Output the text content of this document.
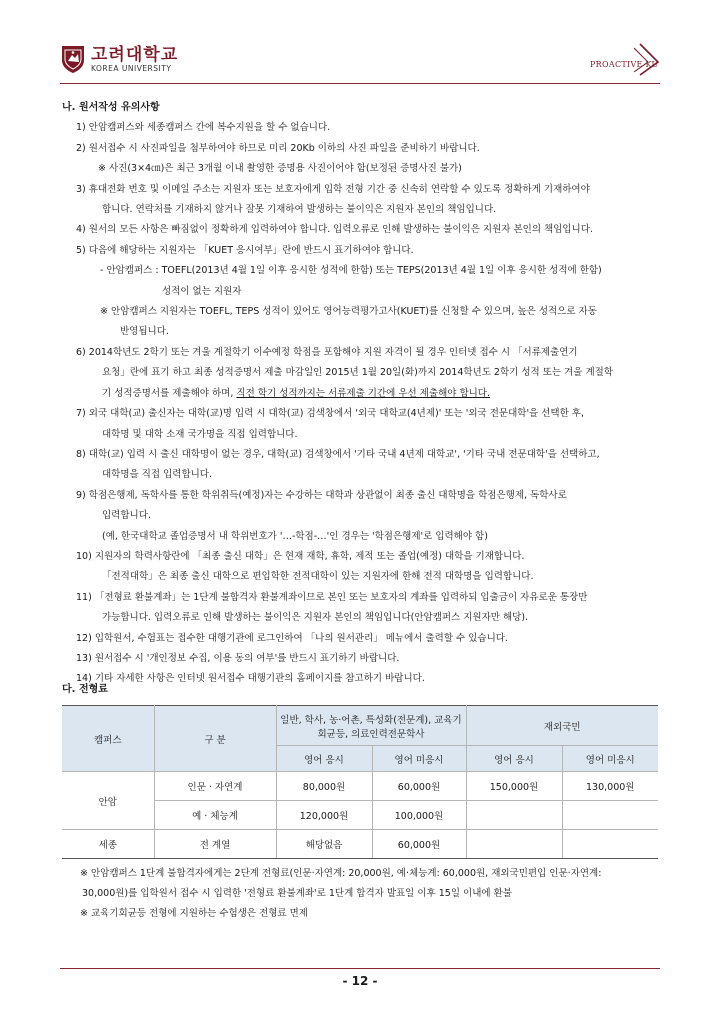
고려대학교
KOREA UNIVERSITY	PROACTIVE KU
나. 원서작성 유의사항
1) 안암캠퍼스와 세종캠퍼스 간에 복수지원을 할 수 없습니다.
2) 원서접수 시 사진파일을 첨부하여야 하므로 미리 20Kb 이하의 사진 파일을 준비하기 바랍니다.
※ 사진(3×4㎝)은 최근 3개월 이내 촬영한 증명용 사진이어야 함(보정된 증명사진 불가)
3) 휴대전화 번호 및 이메일 주소는 지원자 또는 보호자에게 입학 전형 기간 중 신속히 연락할 수 있도록 정확하게 기재하여야
합니다. 연락처를 기재하지 않거나 잘못 기재하여 발생하는 불이익은 지원자 본인의 책임입니다.
4) 원서의 모든 사항은 빠짐없이 정확하게 입력하여야 합니다. 입력오류로 인해 발생하는 불이익은 지원자 본인의 책임입니다.
5) 다음에 해당하는 지원자는 「KUET 응시여부」란에 반드시 표기하여야 합니다.
- 안암캠퍼스 : TOEFL(2013년 4월 1일 이후 응시한 성적에 한함) 또는 TEPS(2013년 4월 1일 이후 응시한 성적에 한함)
성적이 없는 지원자
※ 안암캠퍼스 지원자는 TOEFL, TEPS 성적이 있어도 영어능력평가고사(KUET)를 신청할 수 있으며, 높은 성적으로 자동
반영됩니다.
6) 2014학년도 2학기 또는 겨울 계절학기 이수예정 학점을 포함해야 지원 자격이 될 경우 인터넷 접수 시 「서류제출연기
요청」란에 표기 하고 최종 성적증명서 제출 마감일인 2015년 1월 20일(화)까지 2014학년도 2학기 성적 또는 겨울 계절학
기 성적증명서를 제출해야 하며, 직전 학기 성적까지는 서류제출 기간에 우선 제출해야 합니다.
7) 외국 대학(교) 출신자는 대학(교)명 입력 시 대학(교) 검색창에서 '외국 대학교(4년제)' 또는 '외국 전문대학'을 선택한 후,
대학명 및 대학 소재 국가명을 직접 입력합니다.
8) 대학(교) 입력 시 출신 대학명이 없는 경우, 대학(교) 검색창에서 '기타 국내 4년제 대학교', '기타 국내 전문대학'을 선택하고,
대학명을 직접 입력합니다.
9) 학점은행제, 독학사를 통한 학위취득(예정)자는 수강하는 대학과 상관없이 최종 출신 대학명을 학점은행제, 독학사로
입력합니다.
(예, 한국대학교 졸업증명서 내 학위번호가 '…-학점-…'인 경우는 '학점은행제'로 입력해야 함)
10) 지원자의 학력사항란에 「최종 출신 대학」은 현재 재학, 휴학, 제적 또는 졸업(예정) 대학을 기재합니다.
「전적대학」은 최종 출신 대학으로 편입학한 전적대학이 있는 지원자에 한해 전적 대학명을 입력합니다.
11) 「전형료 환불계좌」는 1단계 불합격자 환불계좌이므로 본인 또는 보호자의 계좌를 입력하되 입출금이 자유로운 통장만
가능합니다. 입력오류로 인해 발생하는 불이익은 지원자 본인의 책임입니다(안암캠퍼스 지원자만 해당).
12) 입학원서, 수험표는 접수한 대행기관에 로그인하여 「나의 원서관리」 메뉴에서 출력할 수 있습니다.
13) 원서접수 시 '개인정보 수집, 이용 동의 여부'를 반드시 표기하기 바랍니다.
14) 기타 자세한 사항은 인터넷 원서접수 대행기관의 홈페이지를 참고하기 바랍니다.
다. 전형료
캠퍼스	구 분	일반, 학사, 농·어촌, 특성화(전문계), 교육기회균등, 의료인력전문학사		재외국민	
		영어 응시	영어 미응시	영어 응시	영어 미응시
안암	인문 · 자연계	80,000원	60,000원	150,000원	130,000원
	예 · 체능계	120,000원	100,000원		
세종	전 계열	해당없음	60,000원		
※ 안암캠퍼스 1단계 불합격자에게는 2단계 전형료(인문·자연계: 20,000원, 예·체능계: 60,000원, 재외국민편입 인문·자연계:
30,000원)를 입학원서 접수 시 입력한 '전형료 환불계좌'로 1단계 합격자 발표일 이후 15일 이내에 환불
※ 교육기회균등 전형에 지원하는 수험생은 전형료 면제
- 12 -
